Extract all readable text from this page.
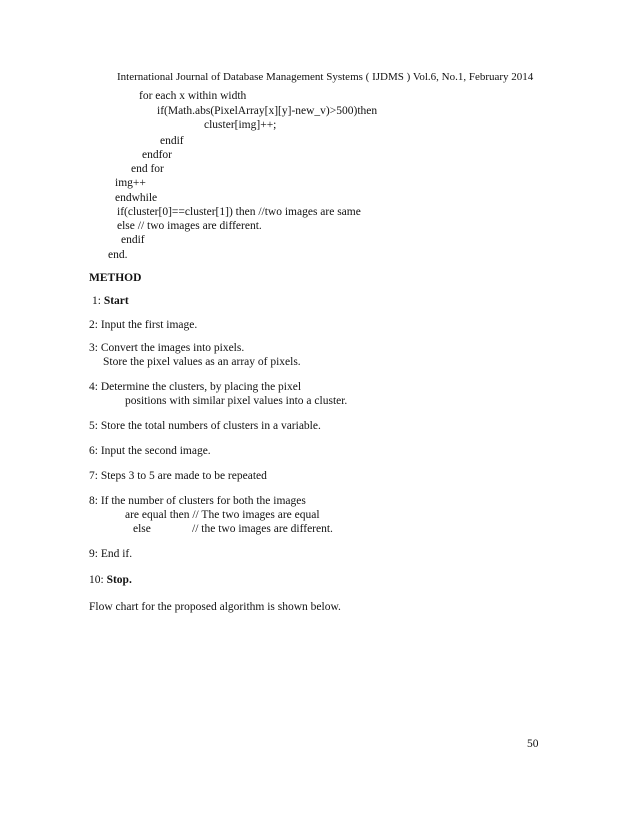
International Journal of Database Management Systems ( IJDMS ) Vol.6, No.1, February 2014
for each x within width
if(Math.abs(PixelArray[x][y]-new_v)>500)then
cluster[img]++;
endif
endfor
end for
img++
endwhile
if(cluster[0]==cluster[1]) then //two images are same
else // two images are different.
endif
end.
METHOD
1: Start
2: Input the first image.
3: Convert the images into pixels.
Store the pixel values as an array of pixels.
4: Determine the clusters, by placing the pixel
positions with similar pixel values into a cluster.
5: Store the total numbers of clusters in a variable.
6: Input the second image.
7: Steps 3 to 5 are made to be repeated
8: If the number of clusters for both the images
are equal then // The two images are equal
else	// the two images are different.
9: End if.
10: Stop.
Flow chart for the proposed algorithm is shown below.
50
